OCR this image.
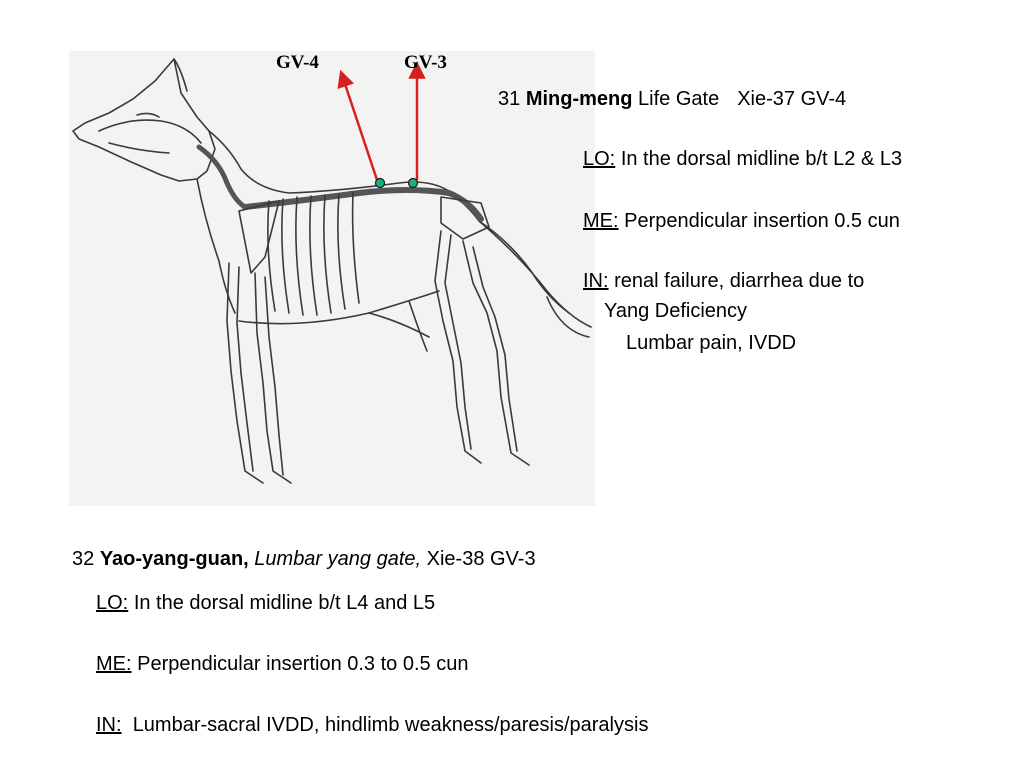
GV-4	GV-3
31 Ming-meng Life Gate Xie-37 GV-4
LO: In the dorsal midline b/t L2 & L3
ME: Perpendicular insertion 0.5 cun
IN: renal failure, diarrhea due to
Yang Deficiency
Lumbar pain, IVDD
32 Yao-yang-guan, Lumbar yang gate, Xie-38 GV-3
LO: In the dorsal midline b/t L4 and L5
ME: Perpendicular insertion 0.3 to 0.5 cun
IN: Lumbar-sacral IVDD, hindlimb weakness/paresis/paralysis
